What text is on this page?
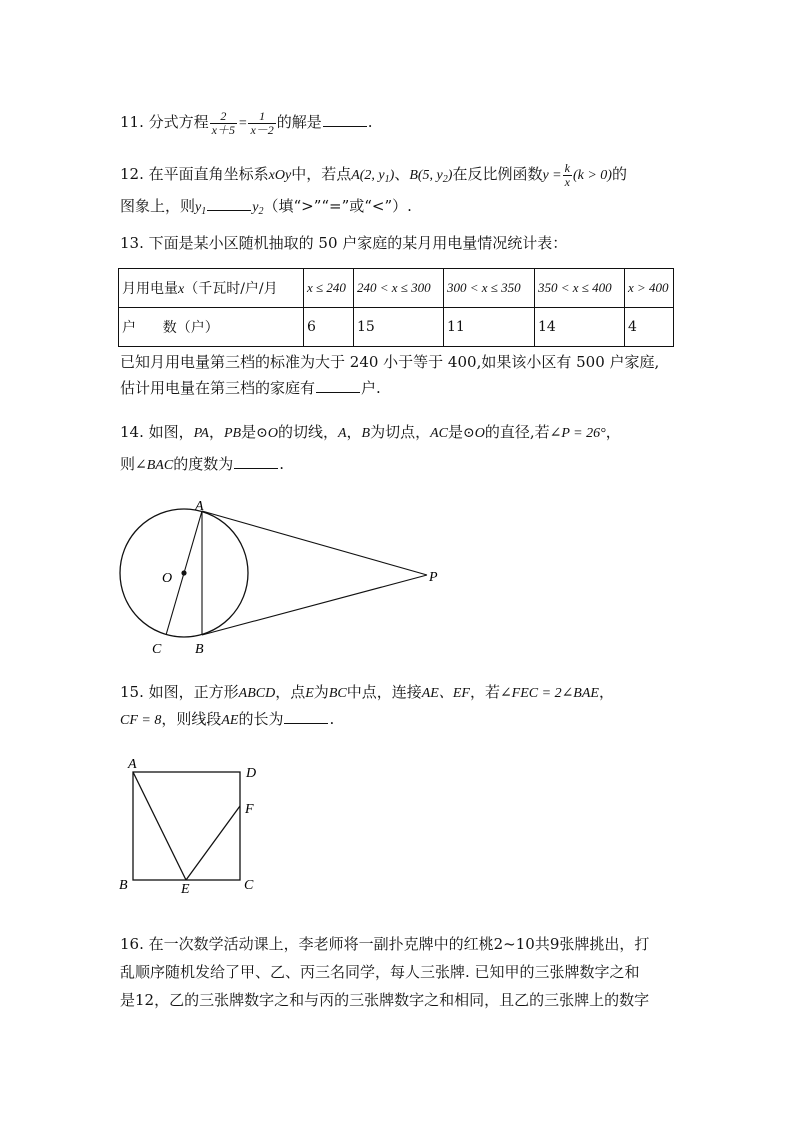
11. 分式方程 $\frac{2}{x+5} = \frac{1}{x-2}$ 的解是	.
12. 在平面直角坐标系xOy中，若点A(2, $y_1$)、B(5, $y_2$)在反比例函数$y = \frac{k}{x} (k > 0)$的
图象上，则$y_1$	$y_2$（填“>”“=”或“<”）.
13. 下面是某小区随机抽取的 50 户家庭的某月用电量情况统计表：
月用电量x（千瓦时/户/月	x ≤ 240	240 < x ≤ 300	300 < x ≤ 350	350 < x ≤ 400	x > 400
户      数（户）	6	15	11	14	4
已知月用电量第三档的标准为大于 240 小于等于 400,如果该小区有 500 户家庭,
估计用电量在第三档的家庭有	户.
14. 如图，PA，PB是⊙O的切线，A，B为切点，AC是⊙O的直径,若∠P = 26°，
则∠BAC的度数为	.
A
O	P
C B
A
D
F
B	E	C
15. 如图，正方形ABCD，点E为BC中点，连接AE、EF，若∠FEC = 2∠BAE，
CF = 8，则线段AE的长为	.
16. 在一次数学活动课上，李老师将一副扑克牌中的红桃2~10共9张牌挑出，打
乱顺序随机发给了甲、乙、丙三名同学，每人三张牌. 已知甲的三张牌数字之和
是12，乙的三张牌数字之和与丙的三张牌数字之和相同，且乙的三张牌上的数字
